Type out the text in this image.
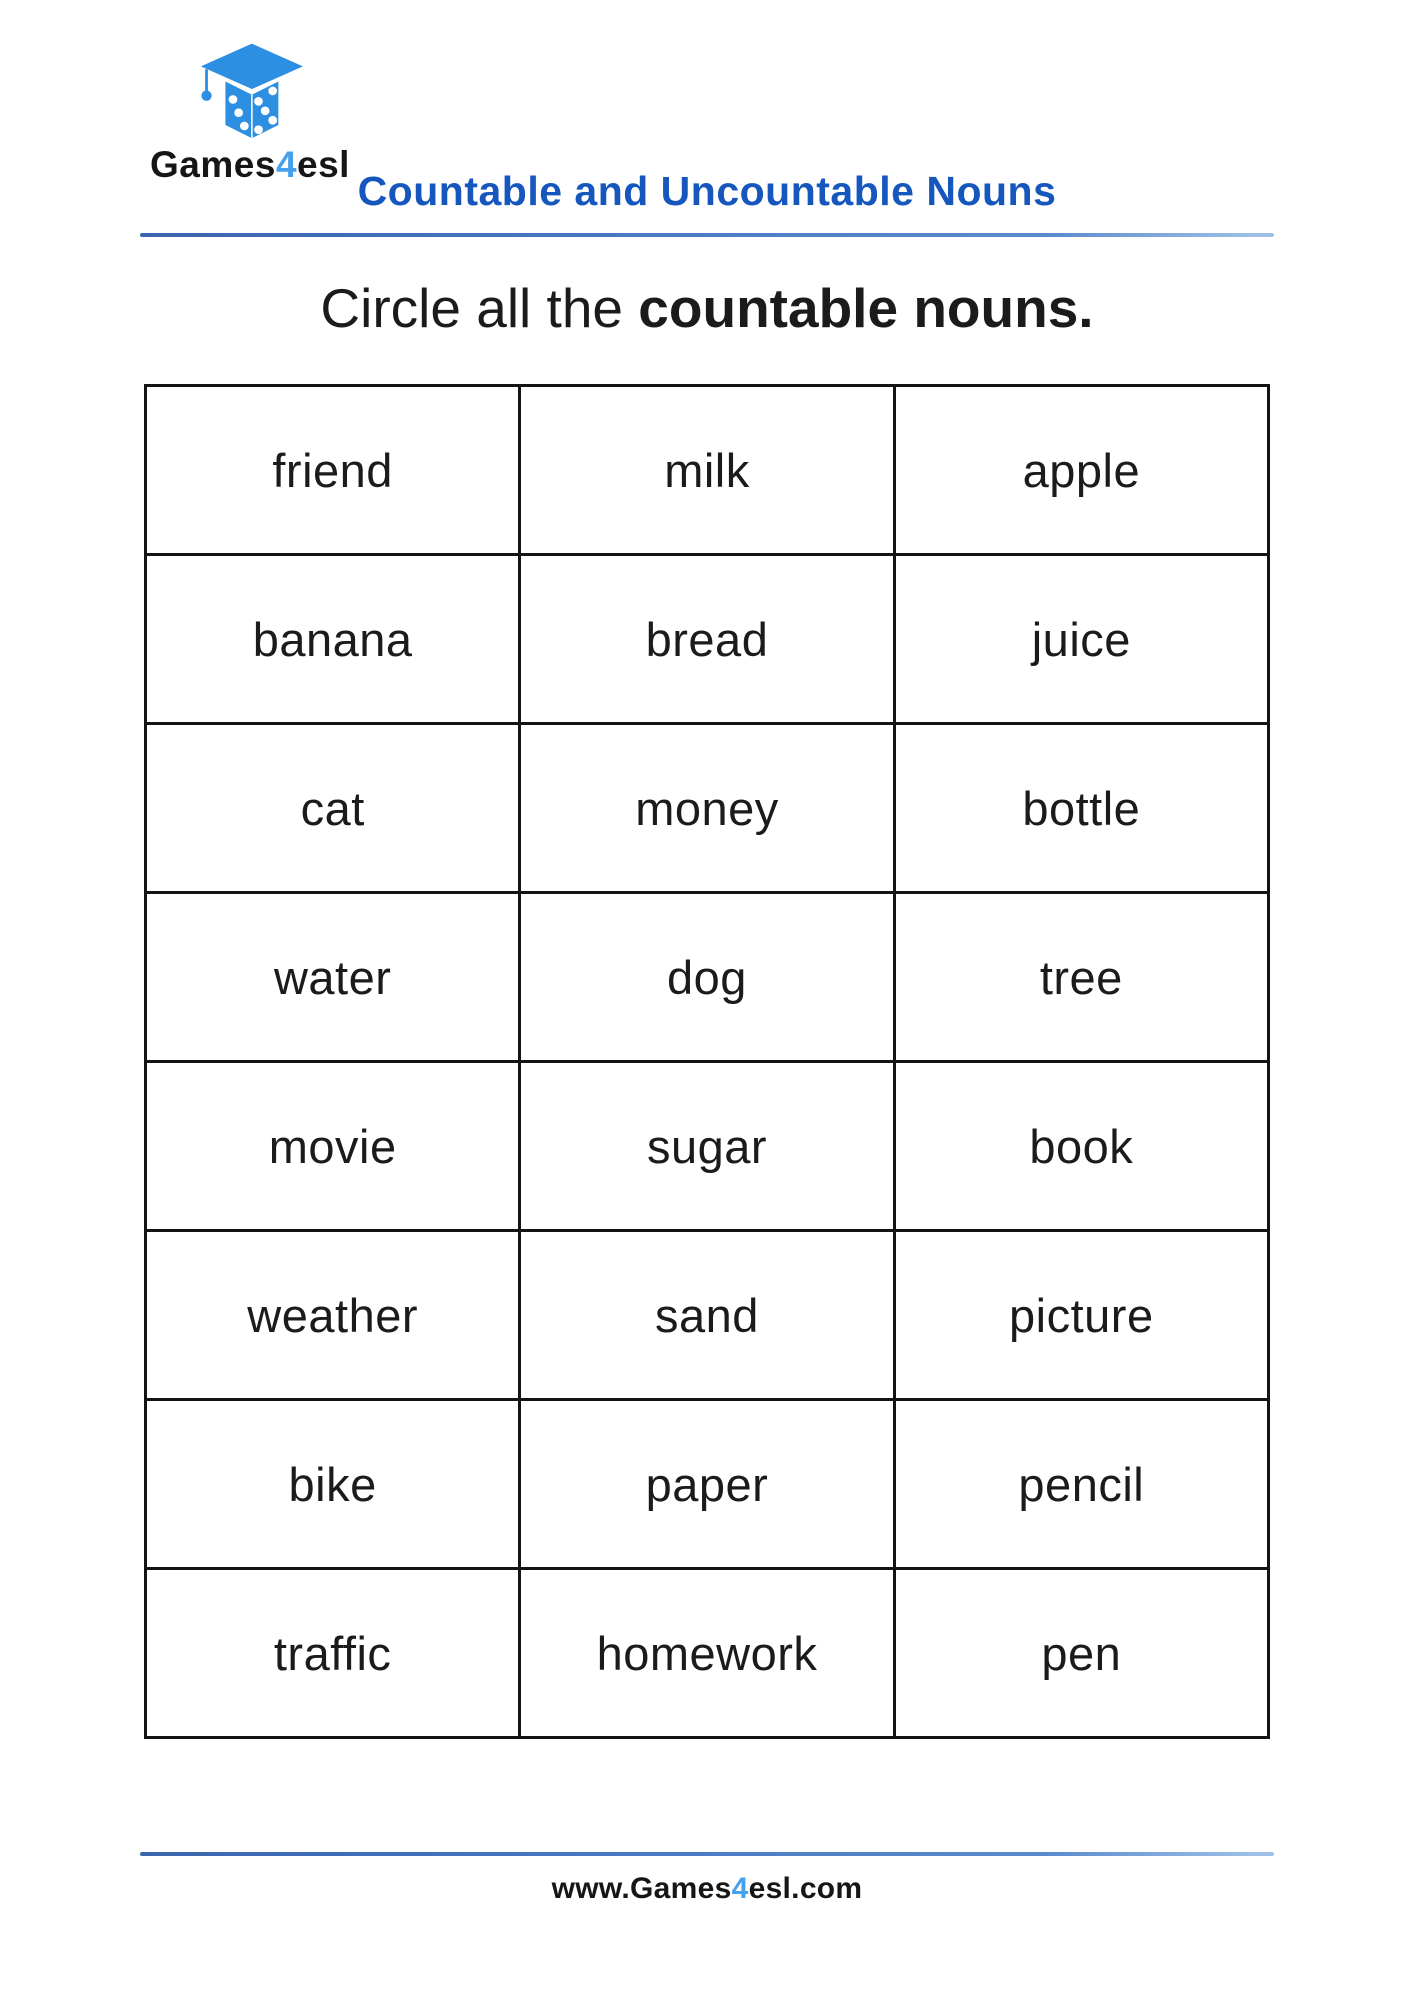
Games4esl
Countable and Uncountable Nouns
Circle all the countable nouns.
friend	milk	apple
banana	bread	juice
cat	money	bottle
water	dog	tree
movie	sugar	book
weather	sand	picture
bike	paper	pencil
traffic	homework	pen
www.Games4esl.com
